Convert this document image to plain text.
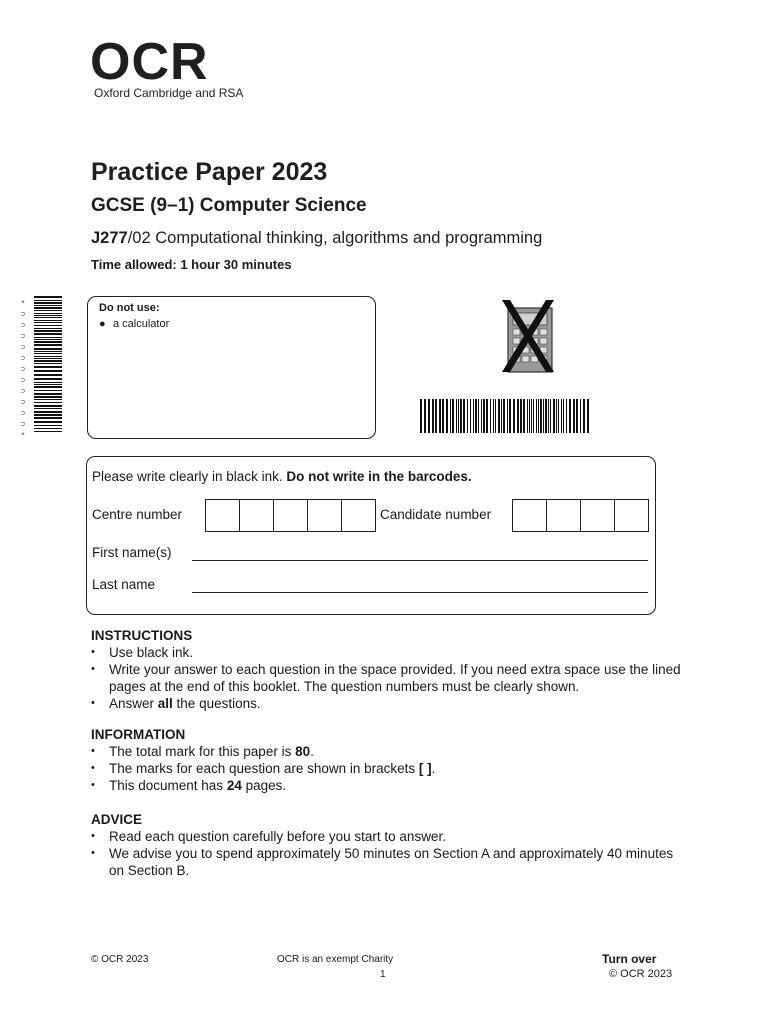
OCR
Oxford Cambridge and RSA
Practice Paper 2023
GCSE (9–1) Computer Science
J277/02 Computational thinking, algorithms and programming
Time allowed: 1 hour 30 minutes
*
⊃
⊃
⊃
⊃
⊃
⊃
⊃
⊃
⊃
⊃
⊃
*
Do not use:
● a calculator
Please write clearly in black ink. Do not write in the barcodes.
Centre number	Candidate number
First name(s)
Last name
INSTRUCTIONS
• Use black ink.
• Write your answer to each question in the space provided. If you need extra space use the lined pages at the end of this booklet. The question numbers must be clearly shown.
• Answer all the questions.
INFORMATION
• The total mark for this paper is 80.
• The marks for each question are shown in brackets [ ].
• This document has 24 pages.
ADVICE
• Read each question carefully before you start to answer.
• We advise you to spend approximately 50 minutes on Section A and approximately 40 minutes on Section B.
© OCR 2023	OCR is an exempt Charity
1
Turn over
© OCR 2023
